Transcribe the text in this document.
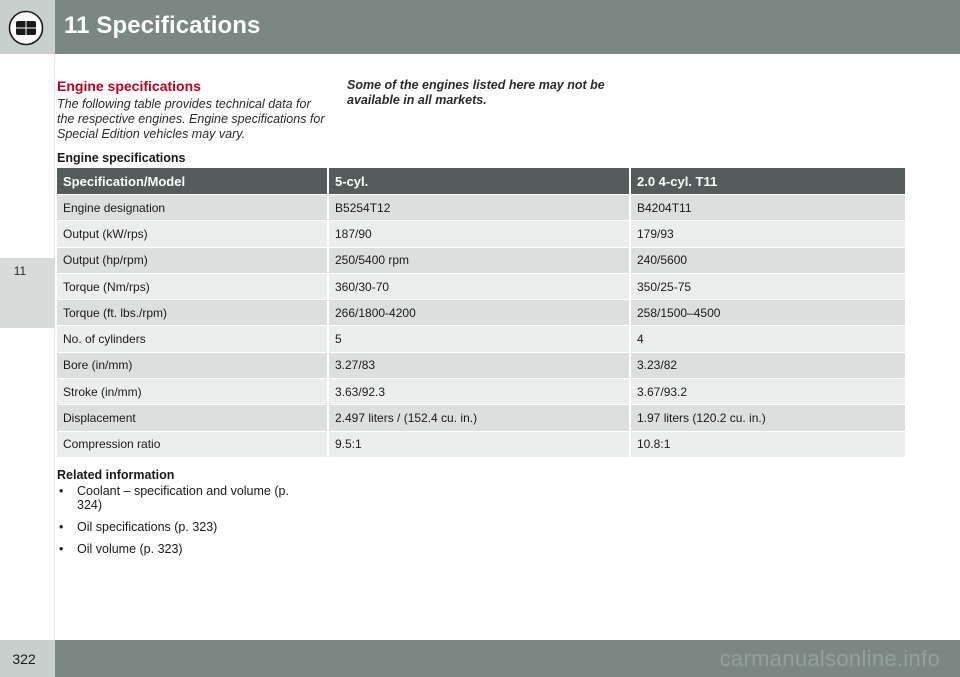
11 Specifications
11
Engine specifications
The following table provides technical data for the respective engines. Engine specifications for Special Edition vehicles may vary.
Some of the engines listed here may not be available in all markets.
Engine specifications
Specification/Model	5-cyl.	2.0 4-cyl. T11
Engine designation	B5254T12	B4204T11
Output (kW/rps)	187/90	179/93
Output (hp/rpm)	250/5400 rpm	240/5600
Torque (Nm/rps)	360/30-70	350/25-75
Torque (ft. lbs./rpm)	266/1800-4200	258/1500–4500
No. of cylinders	5	4
Bore (in/mm)	3.27/83	3.23/82
Stroke (in/mm)	3.63/92.3	3.67/93.2
Displacement	2.497 liters / (152.4 cu. in.)	1.97 liters (120.2 cu. in.)
Compression ratio	9.5:1	10.8:1
Related information
• Coolant – specification and volume (p. 324)
• Oil specifications (p. 323)
• Oil volume (p. 323)
322	carmanualsonline.info
